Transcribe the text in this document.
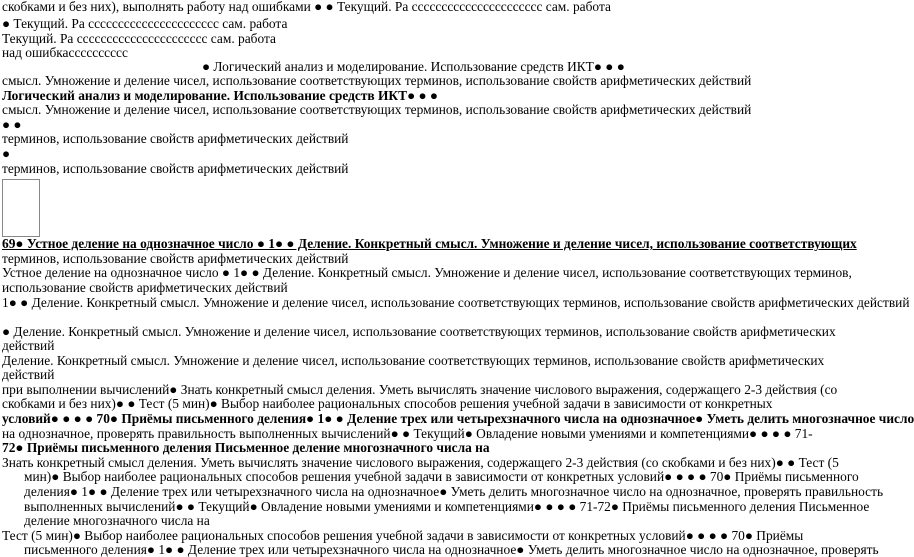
скобками и без них), выполнять работу над ошибками ● ● Текущий. Ра сссссссссссссссссссссс сам. работа
● Текущий. Ра сссссссссссссссссссссс сам. работа
Текущий. Ра сссссссссссссссссссссс сам. работа
над ошибкасссссссссс
● Логический анализ и моделирование. Использование средств ИКТ● ● ●
смысл. Умножение и деление чисел, использование соответствующих терминов, использование свойств арифметических действий
Логический анализ и моделирование. Использование средств ИКТ● ● ●
смысл. Умножение и деление чисел, использование соответствующих терминов, использование свойств арифметических действий
● ●
терминов, использование свойств арифметических действий
●
терминов, использование свойств арифметических действий
69● Устное деление на однозначное число ● 1● ● Деление. Конкретный смысл. Умножение и деление чисел, использование соответствующих
терминов, использование свойств арифметических действий
Устное деление на однозначное число ● 1● ● Деление. Конкретный смысл. Умножение и деление чисел, использование соответствующих терминов,
использование свойств арифметических действий
1● ● Деление. Конкретный смысл. Умножение и деление чисел, использование соответствующих терминов, использование свойств арифметических действий
● Деление. Конкретный смысл. Умножение и деление чисел, использование соответствующих терминов, использование свойств арифметических
действий
Деление. Конкретный смысл. Умножение и деление чисел, использование соответствующих терминов, использование свойств арифметических
действий
при выполнении вычислений● Знать конкретный смысл деления. Уметь вычислять значение числового выражения, содержащего 2-3 действия (со
скобками и без них)● ● Тест (5 мин)● Выбор наиболее рациональных способов решения учебной задачи в зависимости от конкретных
условий● ● ● ● 70● Приёмы письменного деления● 1● ● Деление трех или четырехзначного числа на однозначное● Уметь делить многозначное число
на однозначное, проверять правильность выполненных вычислений● ● Текущий● Овладение новыми умениями и компетенциями● ● ● ● 71-
72● Приёмы письменного деления Письменное деление многозначного числа на
Знать конкретный смысл деления. Уметь вычислять значение числового выражения, содержащего 2-3 действия (со скобками и без них)● ● Тест (5
мин)● Выбор наиболее рациональных способов решения учебной задачи в зависимости от конкретных условий● ● ● ● 70● Приёмы письменного
деления● 1● ● Деление трех или четырехзначного числа на однозначное● Уметь делить многозначное число на однозначное, проверять правильность
выполненных вычислений● ● Текущий● Овладение новыми умениями и компетенциями● ● ● ● 71-72● Приёмы письменного деления Письменное
деление многозначного числа на
Тест (5 мин)● Выбор наиболее рациональных способов решения учебной задачи в зависимости от конкретных условий● ● ● ● 70● Приёмы
письменного деления● 1● ● Деление трех или четырехзначного числа на однозначное● Уметь делить многозначное число на однозначное, проверять
